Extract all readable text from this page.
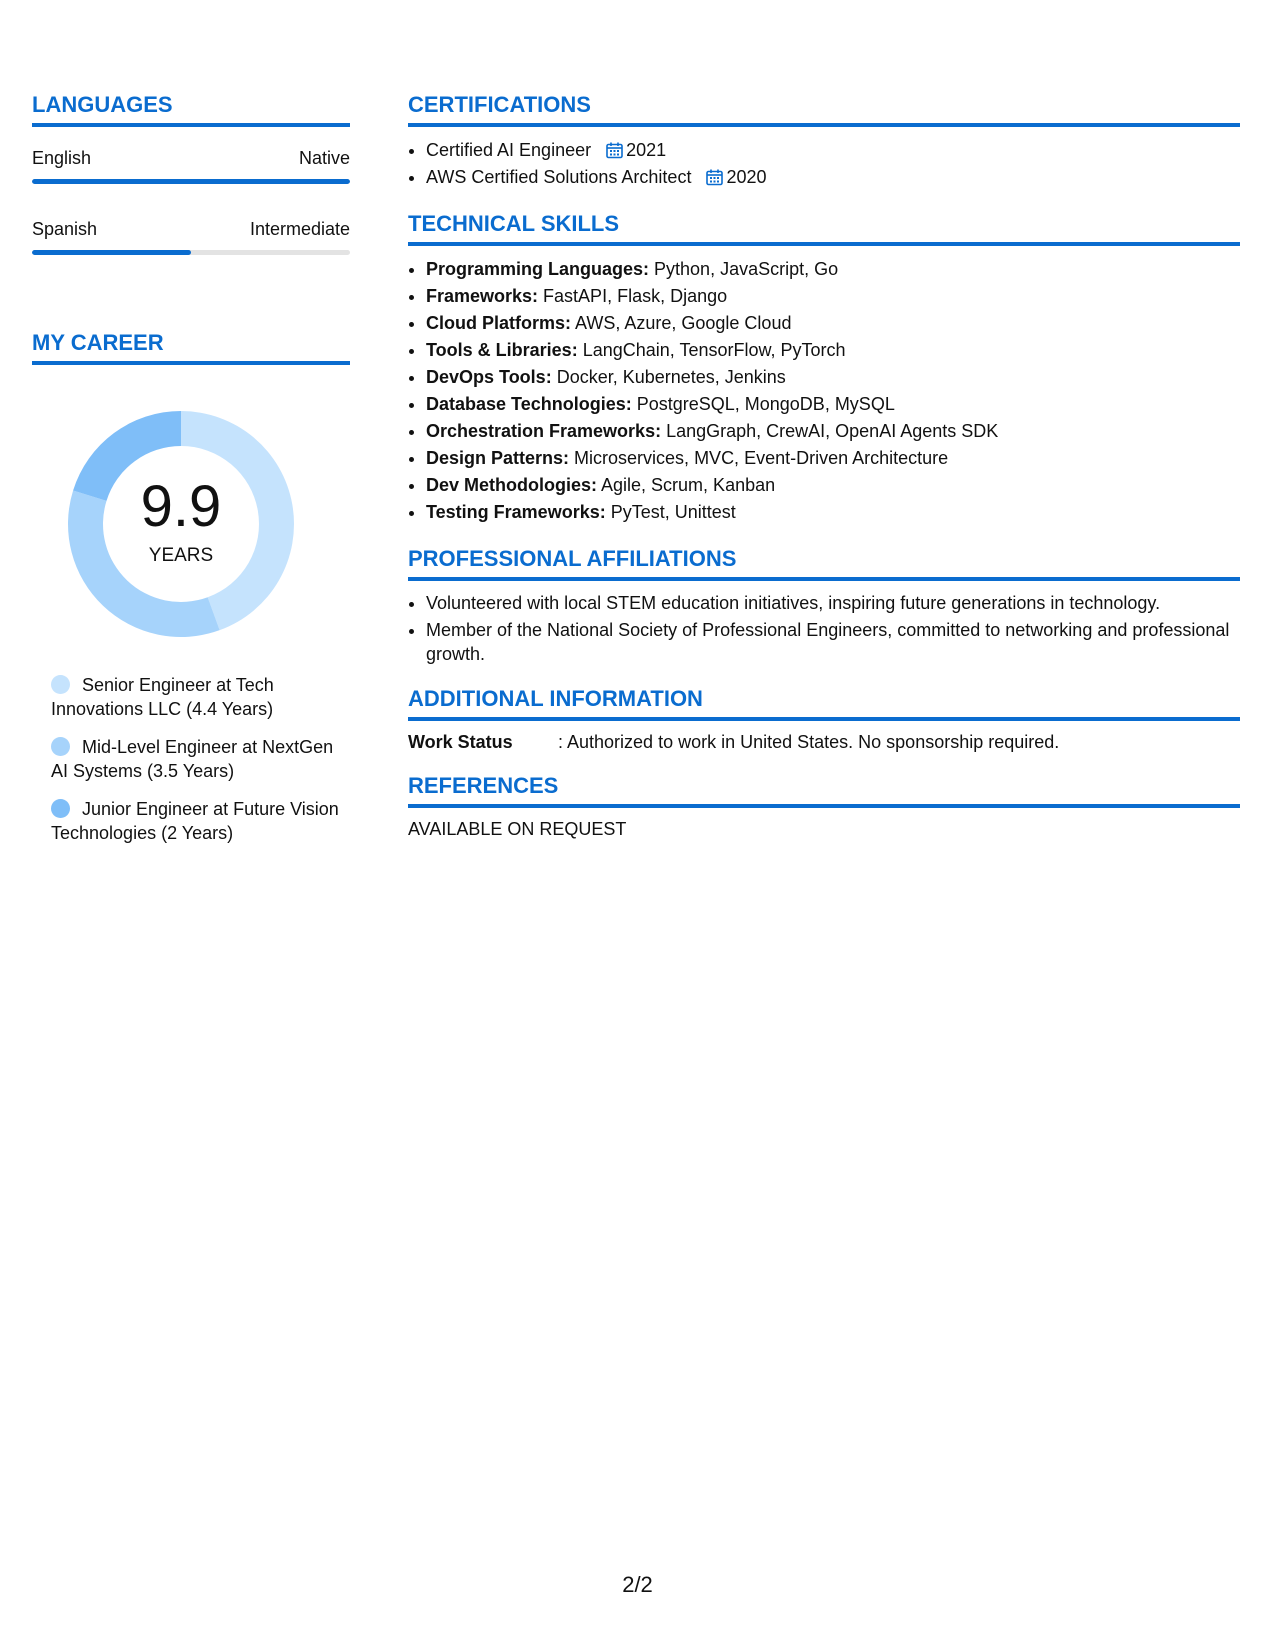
LANGUAGES
English	Native
Spanish	Intermediate
MY CAREER
9.9
YEARS
Senior Engineer at Tech Innovations LLC (4.4 Years)
Mid-Level Engineer at NextGen AI Systems (3.5 Years)
Junior Engineer at Future Vision Technologies (2 Years)
CERTIFICATIONS
• Certified AI Engineer 2021
• AWS Certified Solutions Architect 2020
TECHNICAL SKILLS
• Programming Languages: Python, JavaScript, Go
• Frameworks: FastAPI, Flask, Django
• Cloud Platforms: AWS, Azure, Google Cloud
• Tools & Libraries: LangChain, TensorFlow, PyTorch
• DevOps Tools: Docker, Kubernetes, Jenkins
• Database Technologies: PostgreSQL, MongoDB, MySQL
• Orchestration Frameworks: LangGraph, CrewAI, OpenAI Agents SDK
• Design Patterns: Microservices, MVC, Event-Driven Architecture
• Dev Methodologies: Agile, Scrum, Kanban
• Testing Frameworks: PyTest, Unittest
PROFESSIONAL AFFILIATIONS
• Volunteered with local STEM education initiatives, inspiring future generations in technology.
• Member of the National Society of Professional Engineers, committed to networking and professional growth.
ADDITIONAL INFORMATION
Work Status	: Authorized to work in United States. No sponsorship required.
REFERENCES
AVAILABLE ON REQUEST
2/2
